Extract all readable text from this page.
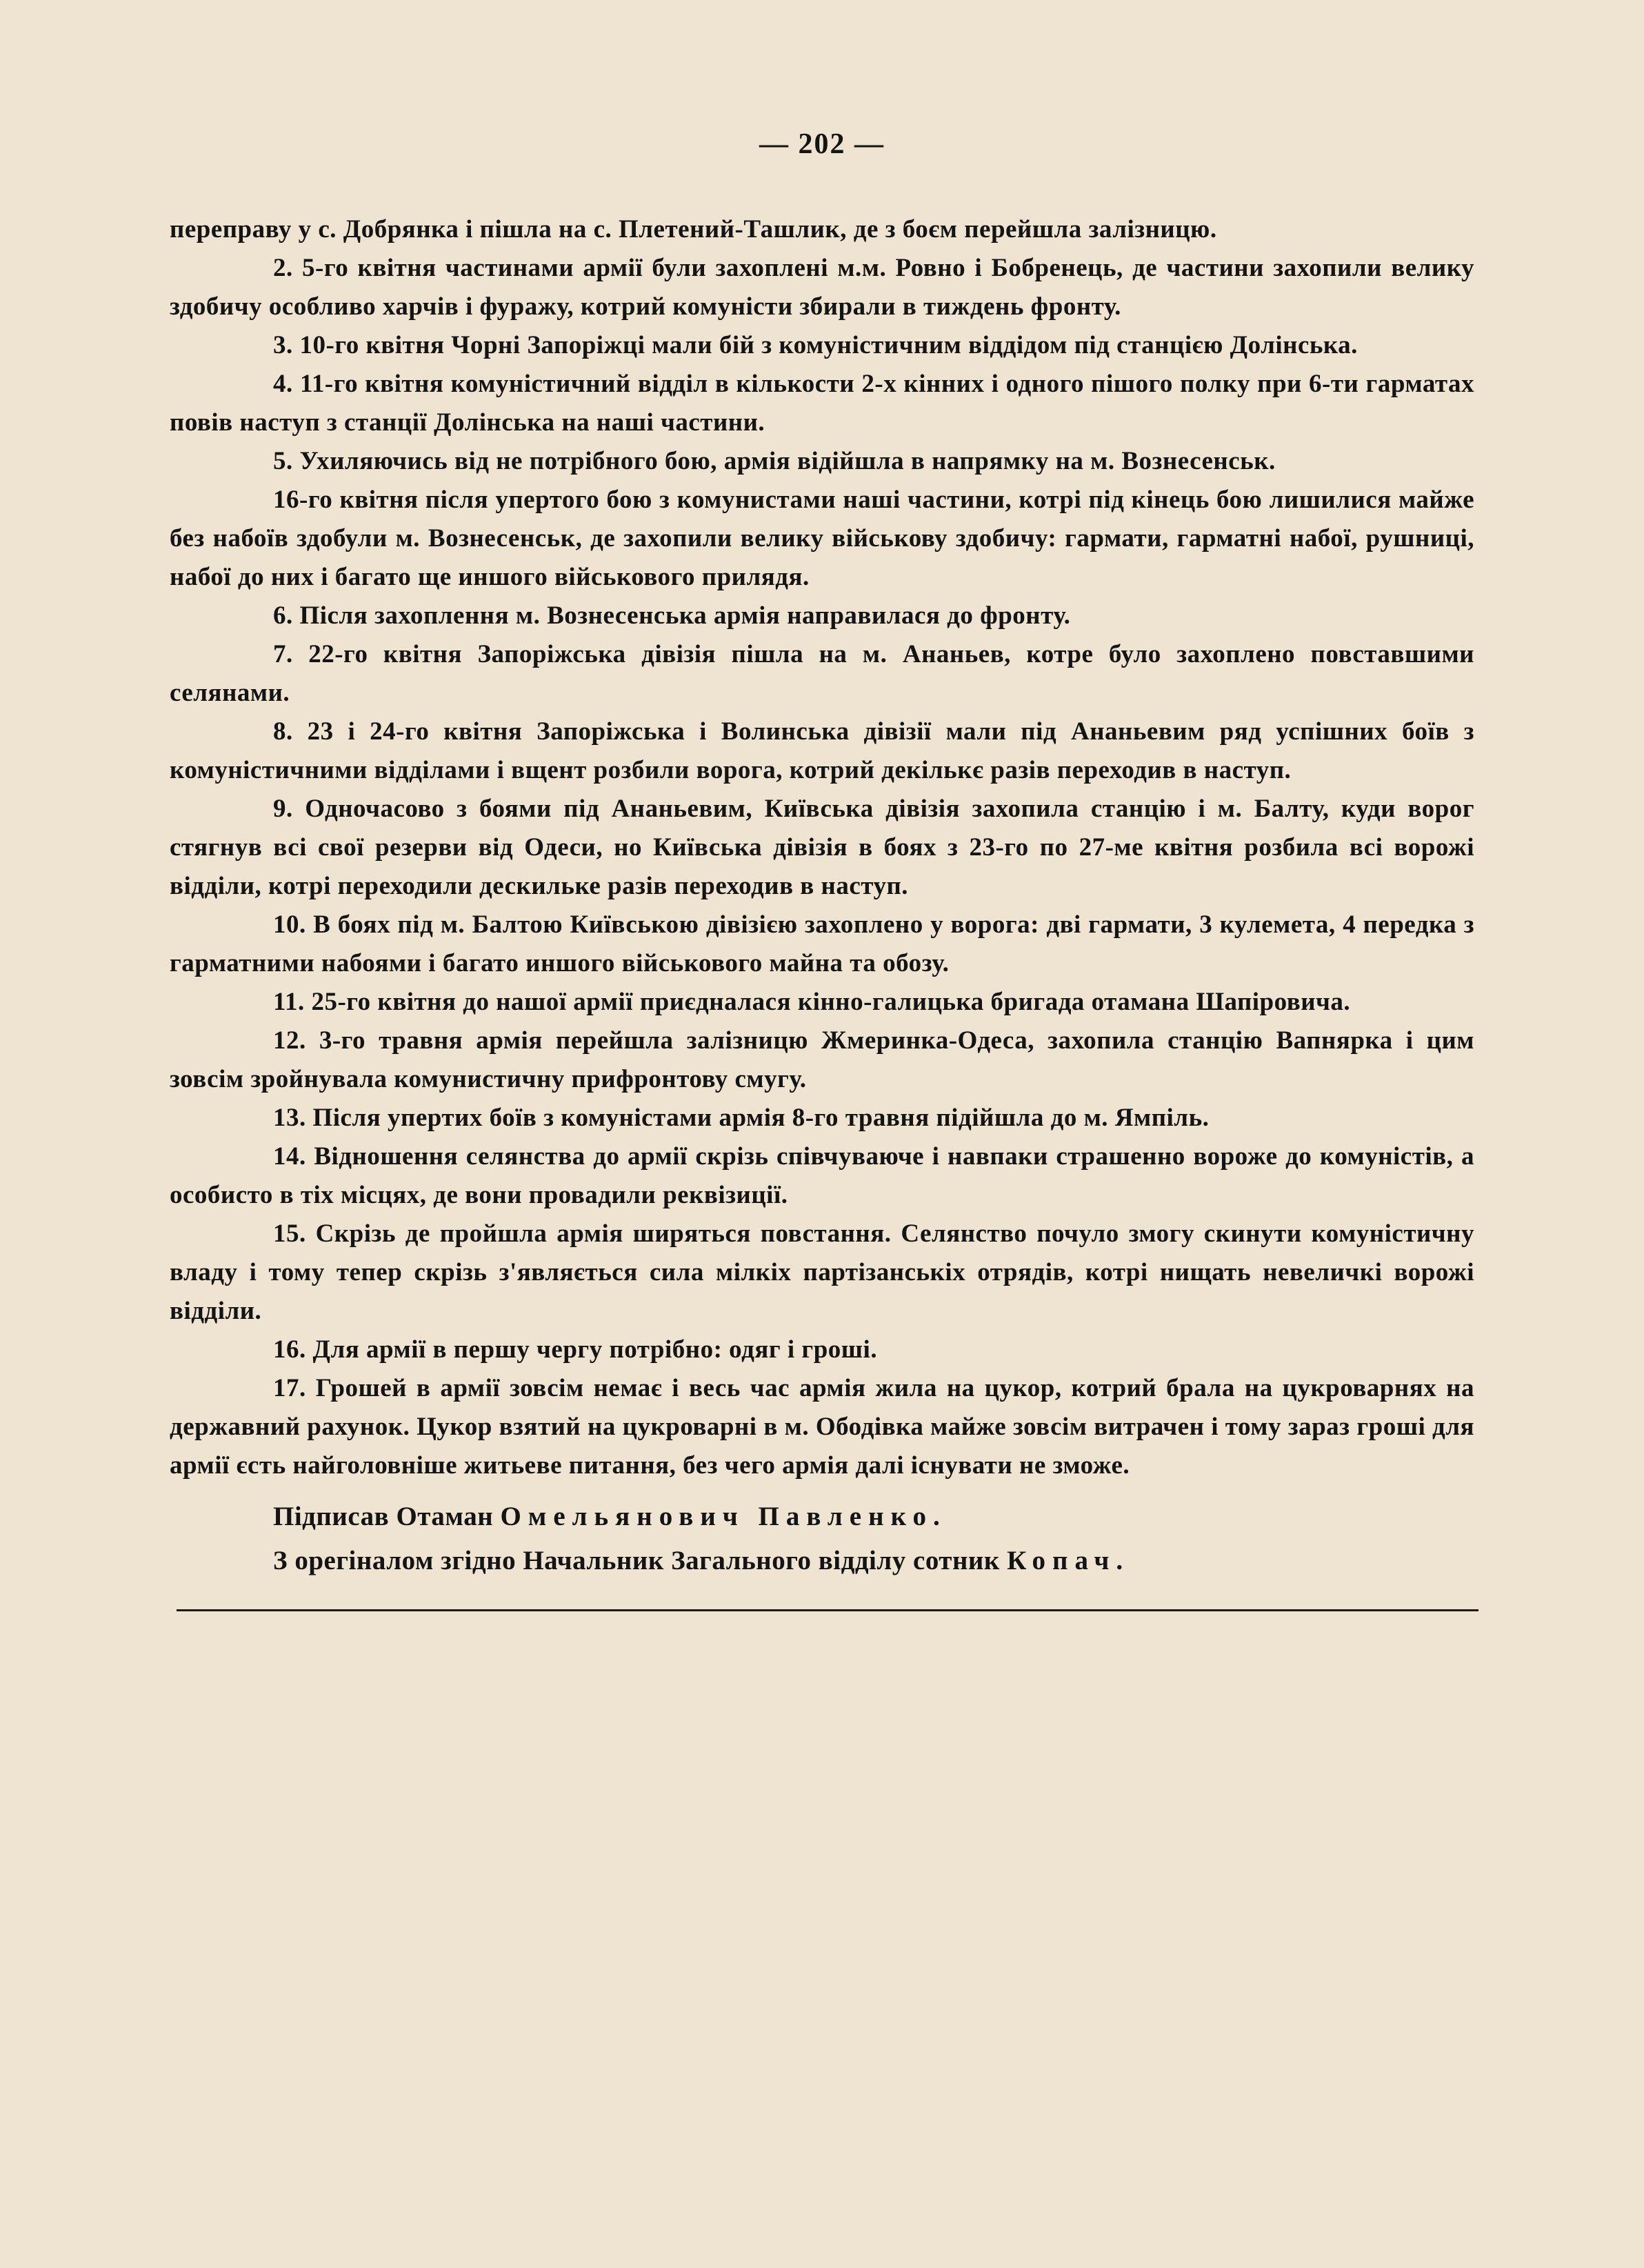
— 202 —

переправу у с. Добрянка і пішла на с. Плетений-Ташлик, де з боєм перейшла залізницю.

2. 5-го квітня частинами армії були захоплені м.м. Ровно і Бобренець, де частини захопили велику здобичу особливо харчів і фуражу, котрий комуністи збирали в тиждень фронту.

3. 10-го квітня Чорні Запоріжці мали бій з комуністичним віддідом під станцією Долінська.

4. 11-го квітня комуністичний відділ в кількости 2-х кінних і одного пішого полку при 6-ти гарматах повів наступ з станції Долінська на наші частини.

5. Ухиляючись від не потрібного бою, армія відійшла в напрямку на м. Вознесенськ.

16-го квітня після упертого бою з комунистами наші частини, котрі під кінець бою лишилися майже без набоїв здобули м. Вознесенськ, де захопили велику військову здобичу: гармати, гарматні набої, рушниці, набої до них і багато ще иншого військового прилядя.

6. Після захоплення м. Вознесенська армія направилася до фронту.

7. 22-го квітня Запоріжська дівізія пішла на м. Ананьев, котре було захоплено повставшими селянами.

8. 23 і 24-го квітня Запоріжська і Волинська дівізії мали під Ананьевим ряд успішних боїв з комуністичними відділами і вщент розбили ворога, котрий декількє разів переходив в наступ.

9. Одночасово з боями під Ананьевим, Київська дівізія захопила станцію і м. Балту, куди ворог стягнув всі свої резерви від Одеси, но Київська дівізія в боях з 23-го по 27-ме квітня розбила всі ворожі відділи, котрі переходили дескильке разів переходив в наступ.

10. В боях під м. Балтою Київською дівізією захоплено у ворога: дві гармати, 3 кулемета, 4 передка з гарматними набоями і багато иншого військового майна та обозу.

11. 25-го квітня до нашої армії приєдналася кінно-галицька бригада отамана Шапіровича.

12. 3-го травня армія перейшла залізницю Жмеринка-Одеса, захопила станцію Вапнярка і цим зовсім зройнувала комунистичну прифронтову смугу.

13. Після упертих боїв з комуністами армія 8-го травня підійшла до м. Ямпіль.

14. Відношення селянства до армії скрізь співчуваюче і навпаки страшенно вороже до комуністів, а особисто в тіх місцях, де вони провадили реквізиції.

15. Скрізь де пройшла армія ширяться повстання. Селянство почуло змогу скинути комуністичну владу і тому тепер скрізь з'являється сила мілкіх партізанськіх отрядів, котрі нищать невеличкі ворожі відділи.

16. Для армії в першу чергу потрібно: одяг і гроші.

17. Грошей в армії зовсім немає і весь час армія жила на цукор, котрий брала на цукроварнях на державний рахунок. Цукор взятий на цукроварні в м. Ободівка майже зовсім витрачен і тому зараз гроші для армії єсть найголовніше житьеве питання, без чего армія далі існувати не зможе.

Підписав Отаман Омельянович Павленко.

З орегіналом згідно Начальник Загального відділу сотник Копач.
